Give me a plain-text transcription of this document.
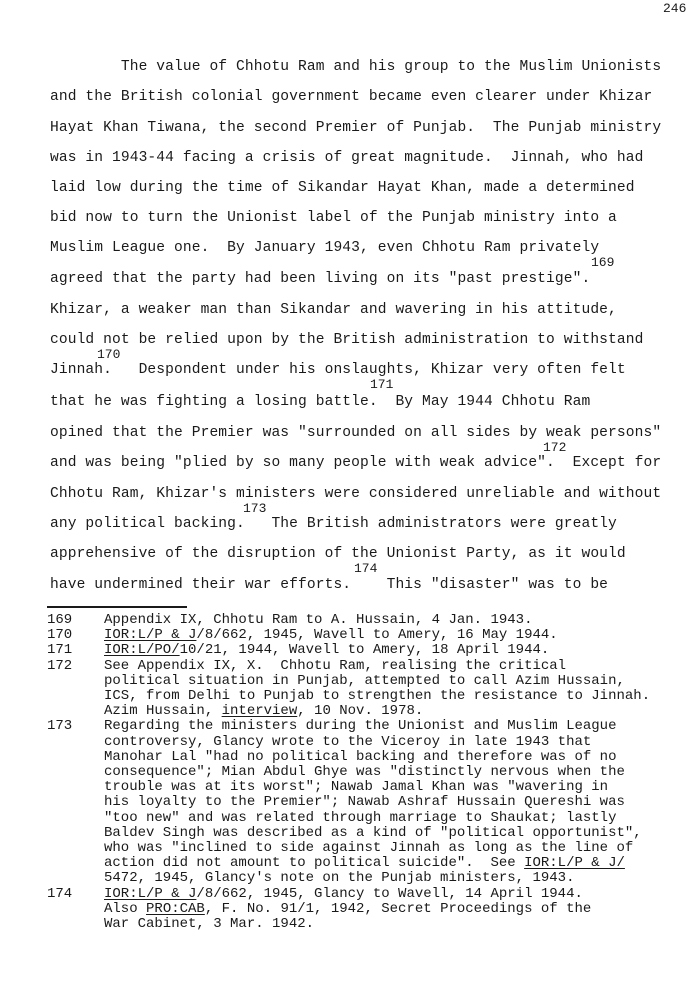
246
The value of Chhotu Ram and his group to the Muslim Unionists
and the British colonial government became even clearer under Khizar
Hayat Khan Tiwana, the second Premier of Punjab.  The Punjab ministry
was in 1943-44 facing a crisis of great magnitude.  Jinnah, who had
laid low during the time of Sikandar Hayat Khan, made a determined
bid now to turn the Unionist label of the Punjab ministry into a
Muslim League one.  By January 1943, even Chhotu Ram privately
169
agreed that the party had been living on its "past prestige".
Khizar, a weaker man than Sikandar and wavering in his attitude,
could not be relied upon by the British administration to withstand
170
Jinnah.   Despondent under his onslaughts, Khizar very often felt
171
that he was fighting a losing battle.  By May 1944 Chhotu Ram
opined that the Premier was "surrounded on all sides by weak persons"
172
and was being "plied by so many people with weak advice".  Except for
Chhotu Ram, Khizar's ministers were considered unreliable and without
173
any political backing.   The British administrators were greatly
apprehensive of the disruption of the Unionist Party, as it would
174
have undermined their war efforts.    This "disaster" was to be
169 Appendix IX, Chhotu Ram to A. Hussain, 4 Jan. 1943.
170 IOR:L/P & J/8/662, 1945, Wavell to Amery, 16 May 1944.
171 IOR:L/PO/10/21, 1944, Wavell to Amery, 18 April 1944.
172 See Appendix IX, X.  Chhotu Ram, realising the critical
political situation in Punjab, attempted to call Azim Hussain,
ICS, from Delhi to Punjab to strengthen the resistance to Jinnah.
Azim Hussain, interview, 10 Nov. 1978.
173 Regarding the ministers during the Unionist and Muslim League
controversy, Glancy wrote to the Viceroy in late 1943 that
Manohar Lal "had no political backing and therefore was of no
consequence"; Mian Abdul Ghye was "distinctly nervous when the
trouble was at its worst"; Nawab Jamal Khan was "wavering in
his loyalty to the Premier"; Nawab Ashraf Hussain Quereshi was
"too new" and was related through marriage to Shaukat; lastly
Baldev Singh was described as a kind of "political opportunist",
who was "inclined to side against Jinnah as long as the line of
action did not amount to political suicide".  See IOR:L/P & J/
5472, 1945, Glancy's note on the Punjab ministers, 1943.
174 IOR:L/P & J/8/662, 1945, Glancy to Wavell, 14 April 1944.
Also PRO:CAB, F. No. 91/1, 1942, Secret Proceedings of the
War Cabinet, 3 Mar. 1942.
